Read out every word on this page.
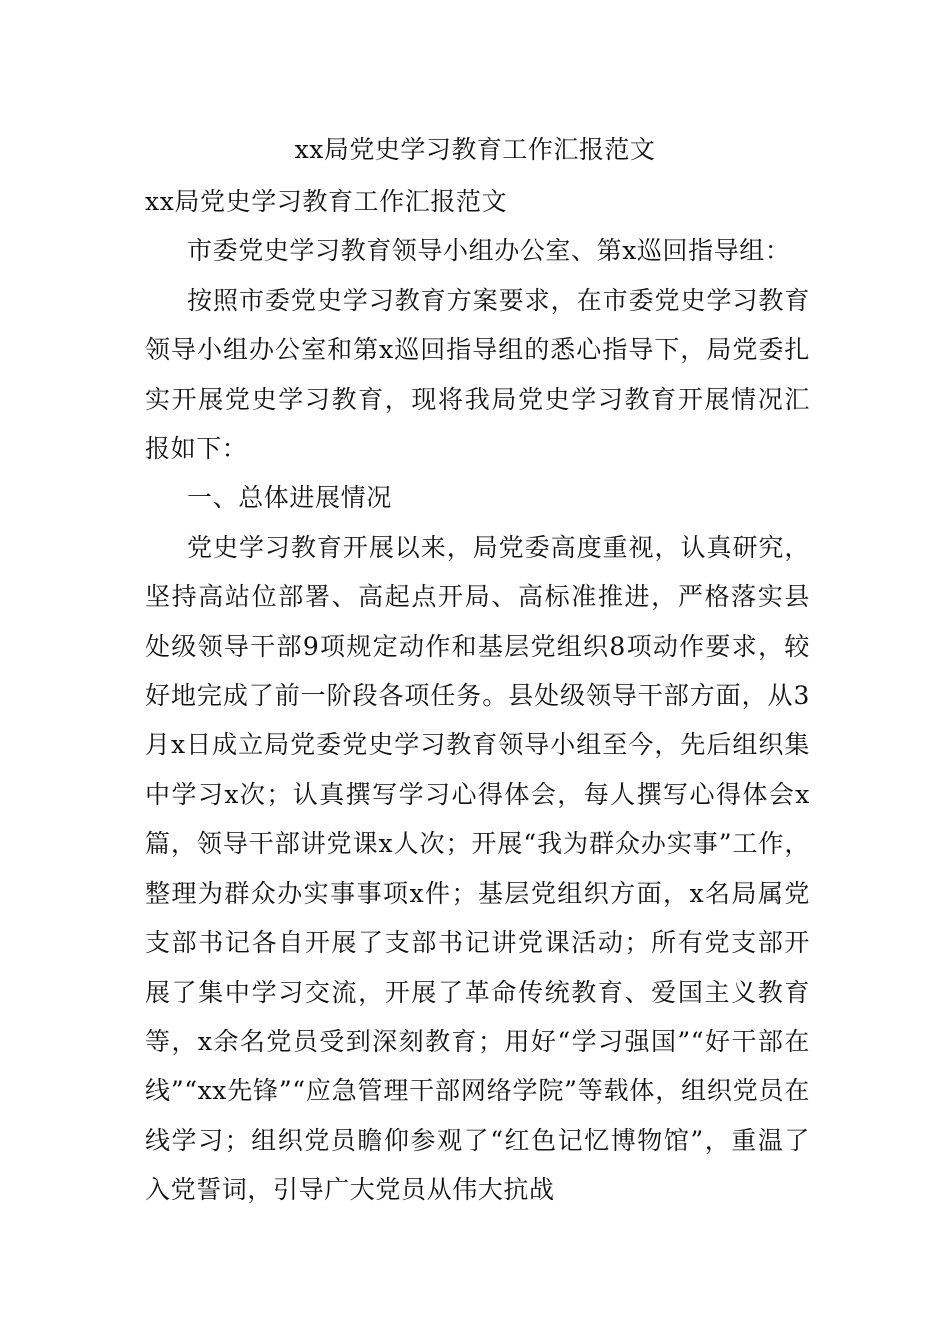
xx局党史学习教育工作汇报范文

xx局党史学习教育工作汇报范文

市委党史学习教育领导小组办公室、第x巡回指导组：

按照市委党史学习教育方案要求，在市委党史学习教育领导小组办公室和第x巡回指导组的悉心指导下，局党委扎实开展党史学习教育，现将我局党史学习教育开展情况汇报如下：

一、总体进展情况

党史学习教育开展以来，局党委高度重视，认真研究，坚持高站位部署、高起点开局、高标准推进，严格落实县处级领导干部9项规定动作和基层党组织8项动作要求，较好地完成了前一阶段各项任务。县处级领导干部方面，从3月x日成立局党委党史学习教育领导小组至今，先后组织集中学习x次；认真撰写学习心得体会，每人撰写心得体会x篇，领导干部讲党课x人次；开展“我为群众办实事”工作，整理为群众办实事事项x件；基层党组织方面，x名局属党支部书记各自开展了支部书记讲党课活动；所有党支部开展了集中学习交流，开展了革命传统教育、爱国主义教育等，x余名党员受到深刻教育；用好“学习强国”“好干部在线”“xx先锋”“应急管理干部网络学院”等载体，组织党员在线学习；组织党员瞻仰参观了“红色记忆博物馆”，重温了入党誓词，引导广大党员从伟大抗战
